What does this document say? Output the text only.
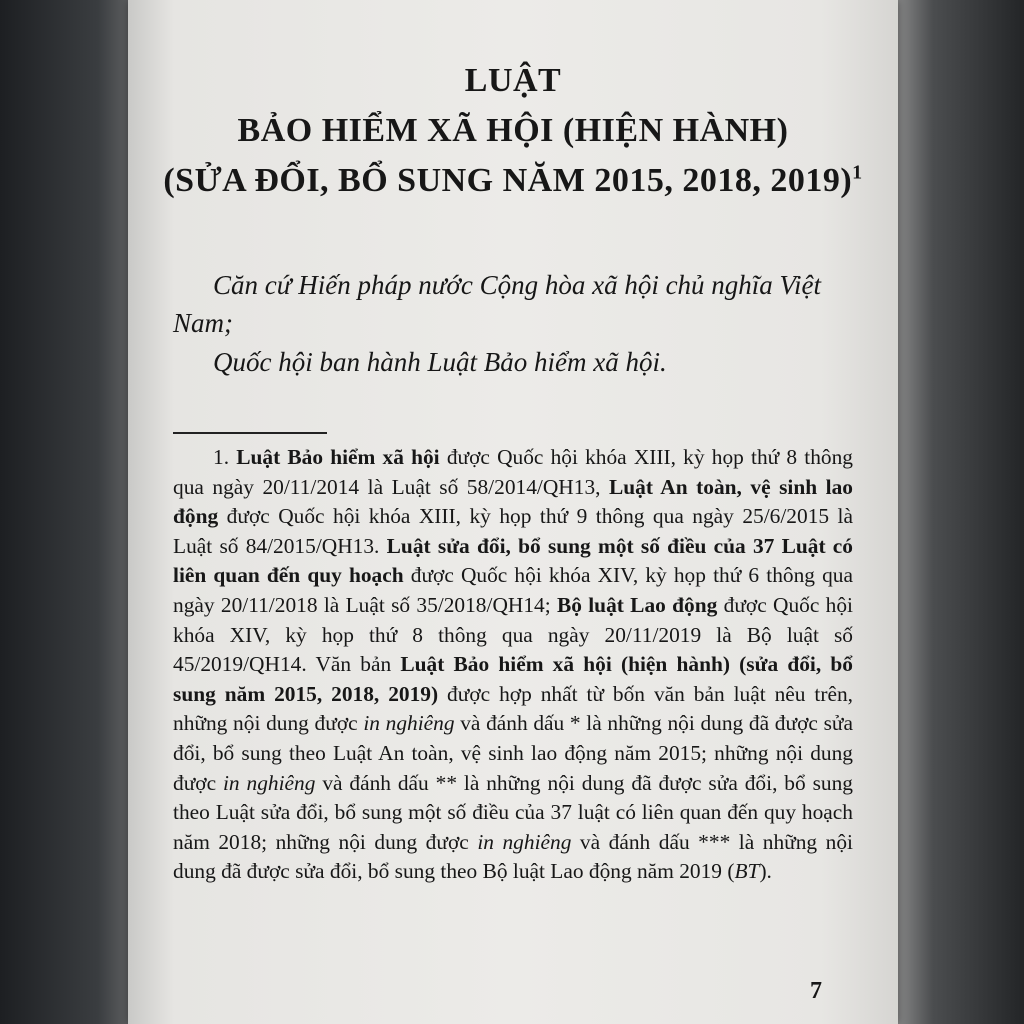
LUẬT
BẢO HIỂM XÃ HỘI (HIỆN HÀNH)
(SỬA ĐỔI, BỔ SUNG NĂM 2015, 2018, 2019)$^1$
Căn cứ Hiến pháp nước Cộng hòa xã hội chủ nghĩa Việt Nam;
Quốc hội ban hành Luật Bảo hiểm xã hội.
1. Luật Bảo hiểm xã hội được Quốc hội khóa XIII, kỳ họp thứ 8 thông qua ngày 20/11/2014 là Luật số 58/2014/QH13, Luật An toàn, vệ sinh lao động được Quốc hội khóa XIII, kỳ họp thứ 9 thông qua ngày 25/6/2015 là Luật số 84/2015/QH13. Luật sửa đổi, bổ sung một số điều của 37 Luật có liên quan đến quy hoạch được Quốc hội khóa XIV, kỳ họp thứ 6 thông qua ngày 20/11/2018 là Luật số 35/2018/QH14; Bộ luật Lao động được Quốc hội khóa XIV, kỳ họp thứ 8 thông qua ngày 20/11/2019 là Bộ luật số 45/2019/QH14. Văn bản Luật Bảo hiểm xã hội (hiện hành) (sửa đổi, bổ sung năm 2015, 2018, 2019) được hợp nhất từ bốn văn bản luật nêu trên, những nội dung được in nghiêng và đánh dấu * là những nội dung đã được sửa đổi, bổ sung theo Luật An toàn, vệ sinh lao động năm 2015; những nội dung được in nghiêng và đánh dấu ** là những nội dung đã được sửa đổi, bổ sung theo Luật sửa đổi, bổ sung một số điều của 37 luật có liên quan đến quy hoạch năm 2018; những nội dung được in nghiêng và đánh dấu *** là những nội dung đã được sửa đổi, bổ sung theo Bộ luật Lao động năm 2019 (BT).
7
